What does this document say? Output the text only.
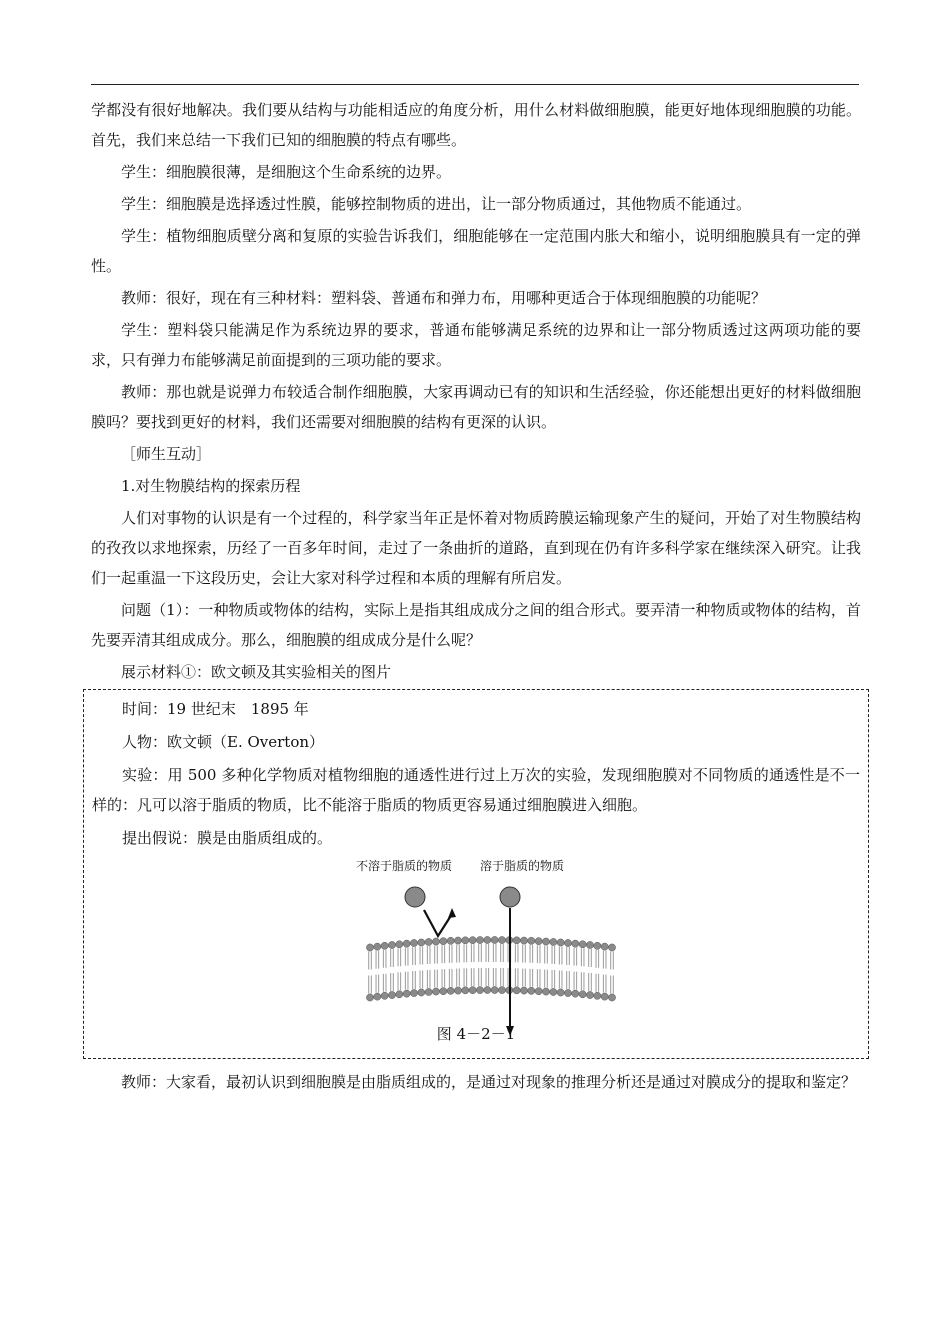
学都没有很好地解决。我们要从结构与功能相适应的角度分析，用什么材料做细胞膜，能更好地体现细胞膜的功能。首先，我们来总结一下我们已知的细胞膜的特点有哪些。

学生：细胞膜很薄，是细胞这个生命系统的边界。

学生：细胞膜是选择透过性膜，能够控制物质的进出，让一部分物质通过，其他物质不能通过。

学生：植物细胞质壁分离和复原的实验告诉我们，细胞能够在一定范围内胀大和缩小，说明细胞膜具有一定的弹性。

教师：很好，现在有三种材料：塑料袋、普通布和弹力布，用哪种更适合于体现细胞膜的功能呢？

学生：塑料袋只能满足作为系统边界的要求，普通布能够满足系统的边界和让一部分物质透过这两项功能的要求，只有弹力布能够满足前面提到的三项功能的要求。

教师：那也就是说弹力布较适合制作细胞膜，大家再调动已有的知识和生活经验，你还能想出更好的材料做细胞膜吗？要找到更好的材料，我们还需要对细胞膜的结构有更深的认识。

［师生互动］

1.对生物膜结构的探索历程

人们对事物的认识是有一个过程的，科学家当年正是怀着对物质跨膜运输现象产生的疑问，开始了对生物膜结构的孜孜以求地探索，历经了一百多年时间，走过了一条曲折的道路，直到现在仍有许多科学家在继续深入研究。让我们一起重温一下这段历史，会让大家对科学过程和本质的理解有所启发。

问题（1）：一种物质或物体的结构，实际上是指其组成成分之间的组合形式。要弄清一种物质或物体的结构，首先要弄清其组成成分。那么，细胞膜的组成成分是什么呢？

展示材料①：欧文顿及其实验相关的图片

时间：19 世纪末　1895 年

人物：欧文顿（E. Overton）

实验：用 500 多种化学物质对植物细胞的通透性进行过上万次的实验，发现细胞膜对不同物质的通透性是不一样的：凡可以溶于脂质的物质，比不能溶于脂质的物质更容易通过细胞膜进入细胞。

提出假说：膜是由脂质组成的。

不溶于脂质的物质 溶于脂质的物质
图 4－2－1

教师：大家看，最初认识到细胞膜是由脂质组成的，是通过对现象的推理分析还是通过对膜成分的提取和鉴定？
